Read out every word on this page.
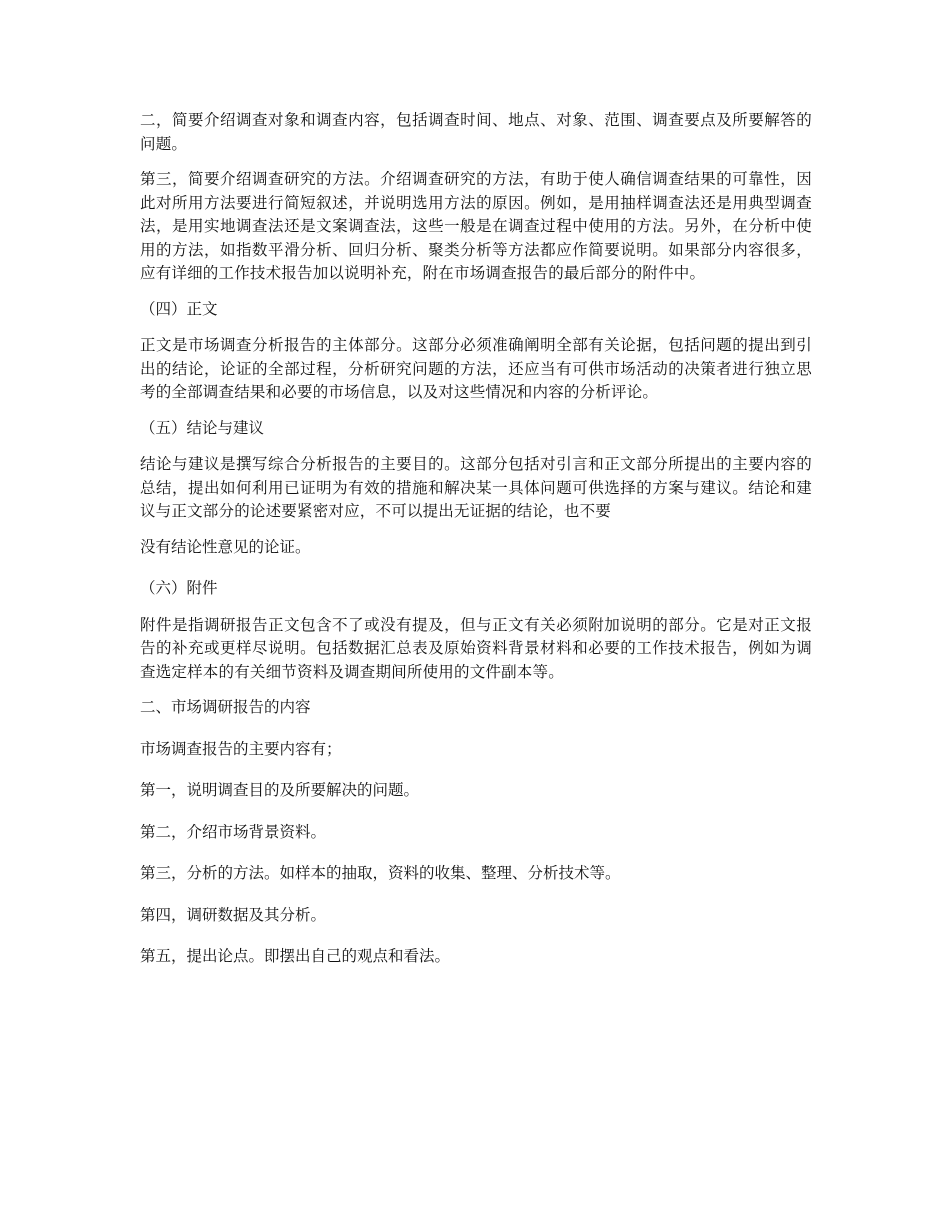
二，简要介绍调查对象和调查内容，包括调查时间、地点、对象、范围、调查要点及所要解答的问题。

第三，简要介绍调查研究的方法。介绍调查研究的方法，有助于使人确信调查结果的可靠性，因此对所用方法要进行简短叙述，并说明选用方法的原因。例如，是用抽样调查法还是用典型调查法，是用实地调查法还是文案调查法，这些一般是在调查过程中使用的方法。另外，在分析中使用的方法，如指数平滑分析、回归分析、聚类分析等方法都应作简要说明。如果部分内容很多，应有详细的工作技术报告加以说明补充，附在市场调查报告的最后部分的附件中。

（四）正文

正文是市场调查分析报告的主体部分。这部分必须准确阐明全部有关论据，包括问题的提出到引出的结论，论证的全部过程，分析研究问题的方法，还应当有可供市场活动的决策者进行独立思考的全部调查结果和必要的市场信息，以及对这些情况和内容的分析评论。

（五）结论与建议

结论与建议是撰写综合分析报告的主要目的。这部分包括对引言和正文部分所提出的主要内容的总结，提出如何利用已证明为有效的措施和解决某一具体问题可供选择的方案与建议。结论和建议与正文部分的论述要紧密对应，不可以提出无证据的结论，也不要

没有结论性意见的论证。

（六）附件

附件是指调研报告正文包含不了或没有提及，但与正文有关必须附加说明的部分。它是对正文报告的补充或更样尽说明。包括数据汇总表及原始资料背景材料和必要的工作技术报告，例如为调查选定样本的有关细节资料及调查期间所使用的文件副本等。

二、市场调研报告的内容

市场调查报告的主要内容有；

第一，说明调查目的及所要解决的问题。

第二，介绍市场背景资料。

第三，分析的方法。如样本的抽取，资料的收集、整理、分析技术等。

第四，调研数据及其分析。

第五，提出论点。即摆出自己的观点和看法。
